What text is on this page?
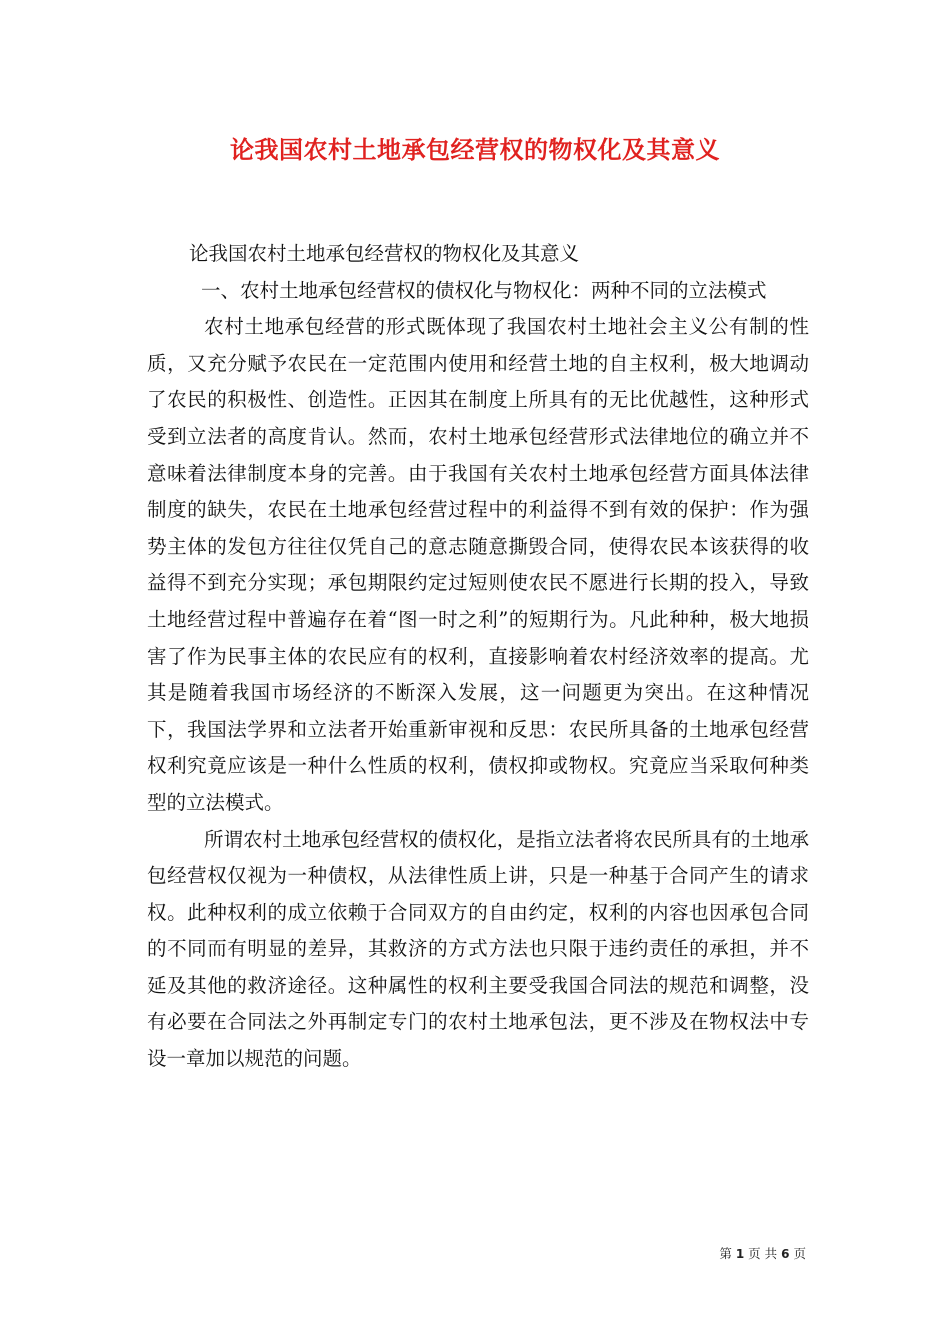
论我国农村土地承包经营权的物权化及其意义

论我国农村土地承包经营权的物权化及其意义

一、农村土地承包经营权的债权化与物权化：两种不同的立法模式

农村土地承包经营的形式既体现了我国农村土地社会主义公有制的性质，又充分赋予农民在一定范围内使用和经营土地的自主权利，极大地调动了农民的积极性、创造性。正因其在制度上所具有的无比优越性，这种形式受到立法者的高度肯认。然而，农村土地承包经营形式法律地位的确立并不意味着法律制度本身的完善。由于我国有关农村土地承包经营方面具体法律制度的缺失，农民在土地承包经营过程中的利益得不到有效的保护：作为强势主体的发包方往往仅凭自己的意志随意撕毁合同，使得农民本该获得的收益得不到充分实现；承包期限约定过短则使农民不愿进行长期的投入，导致土地经营过程中普遍存在着“图一时之利”的短期行为。凡此种种，极大地损害了作为民事主体的农民应有的权利，直接影响着农村经济效率的提高。尤其是随着我国市场经济的不断深入发展，这一问题更为突出。在这种情况下，我国法学界和立法者开始重新审视和反思：农民所具备的土地承包经营权利究竟应该是一种什么性质的权利，债权抑或物权。究竟应当采取何种类型的立法模式。

所谓农村土地承包经营权的债权化，是指立法者将农民所具有的土地承包经营权仅视为一种债权，从法律性质上讲，只是一种基于合同产生的请求权。此种权利的成立依赖于合同双方的自由约定，权利的内容也因承包合同的不同而有明显的差异，其救济的方式方法也只限于违约责任的承担，并不延及其他的救济途径。这种属性的权利主要受我国合同法的规范和调整，没有必要在合同法之外再制定专门的农村土地承包法，更不涉及在物权法中专设一章加以规范的问题。

第 1 页 共 6 页
